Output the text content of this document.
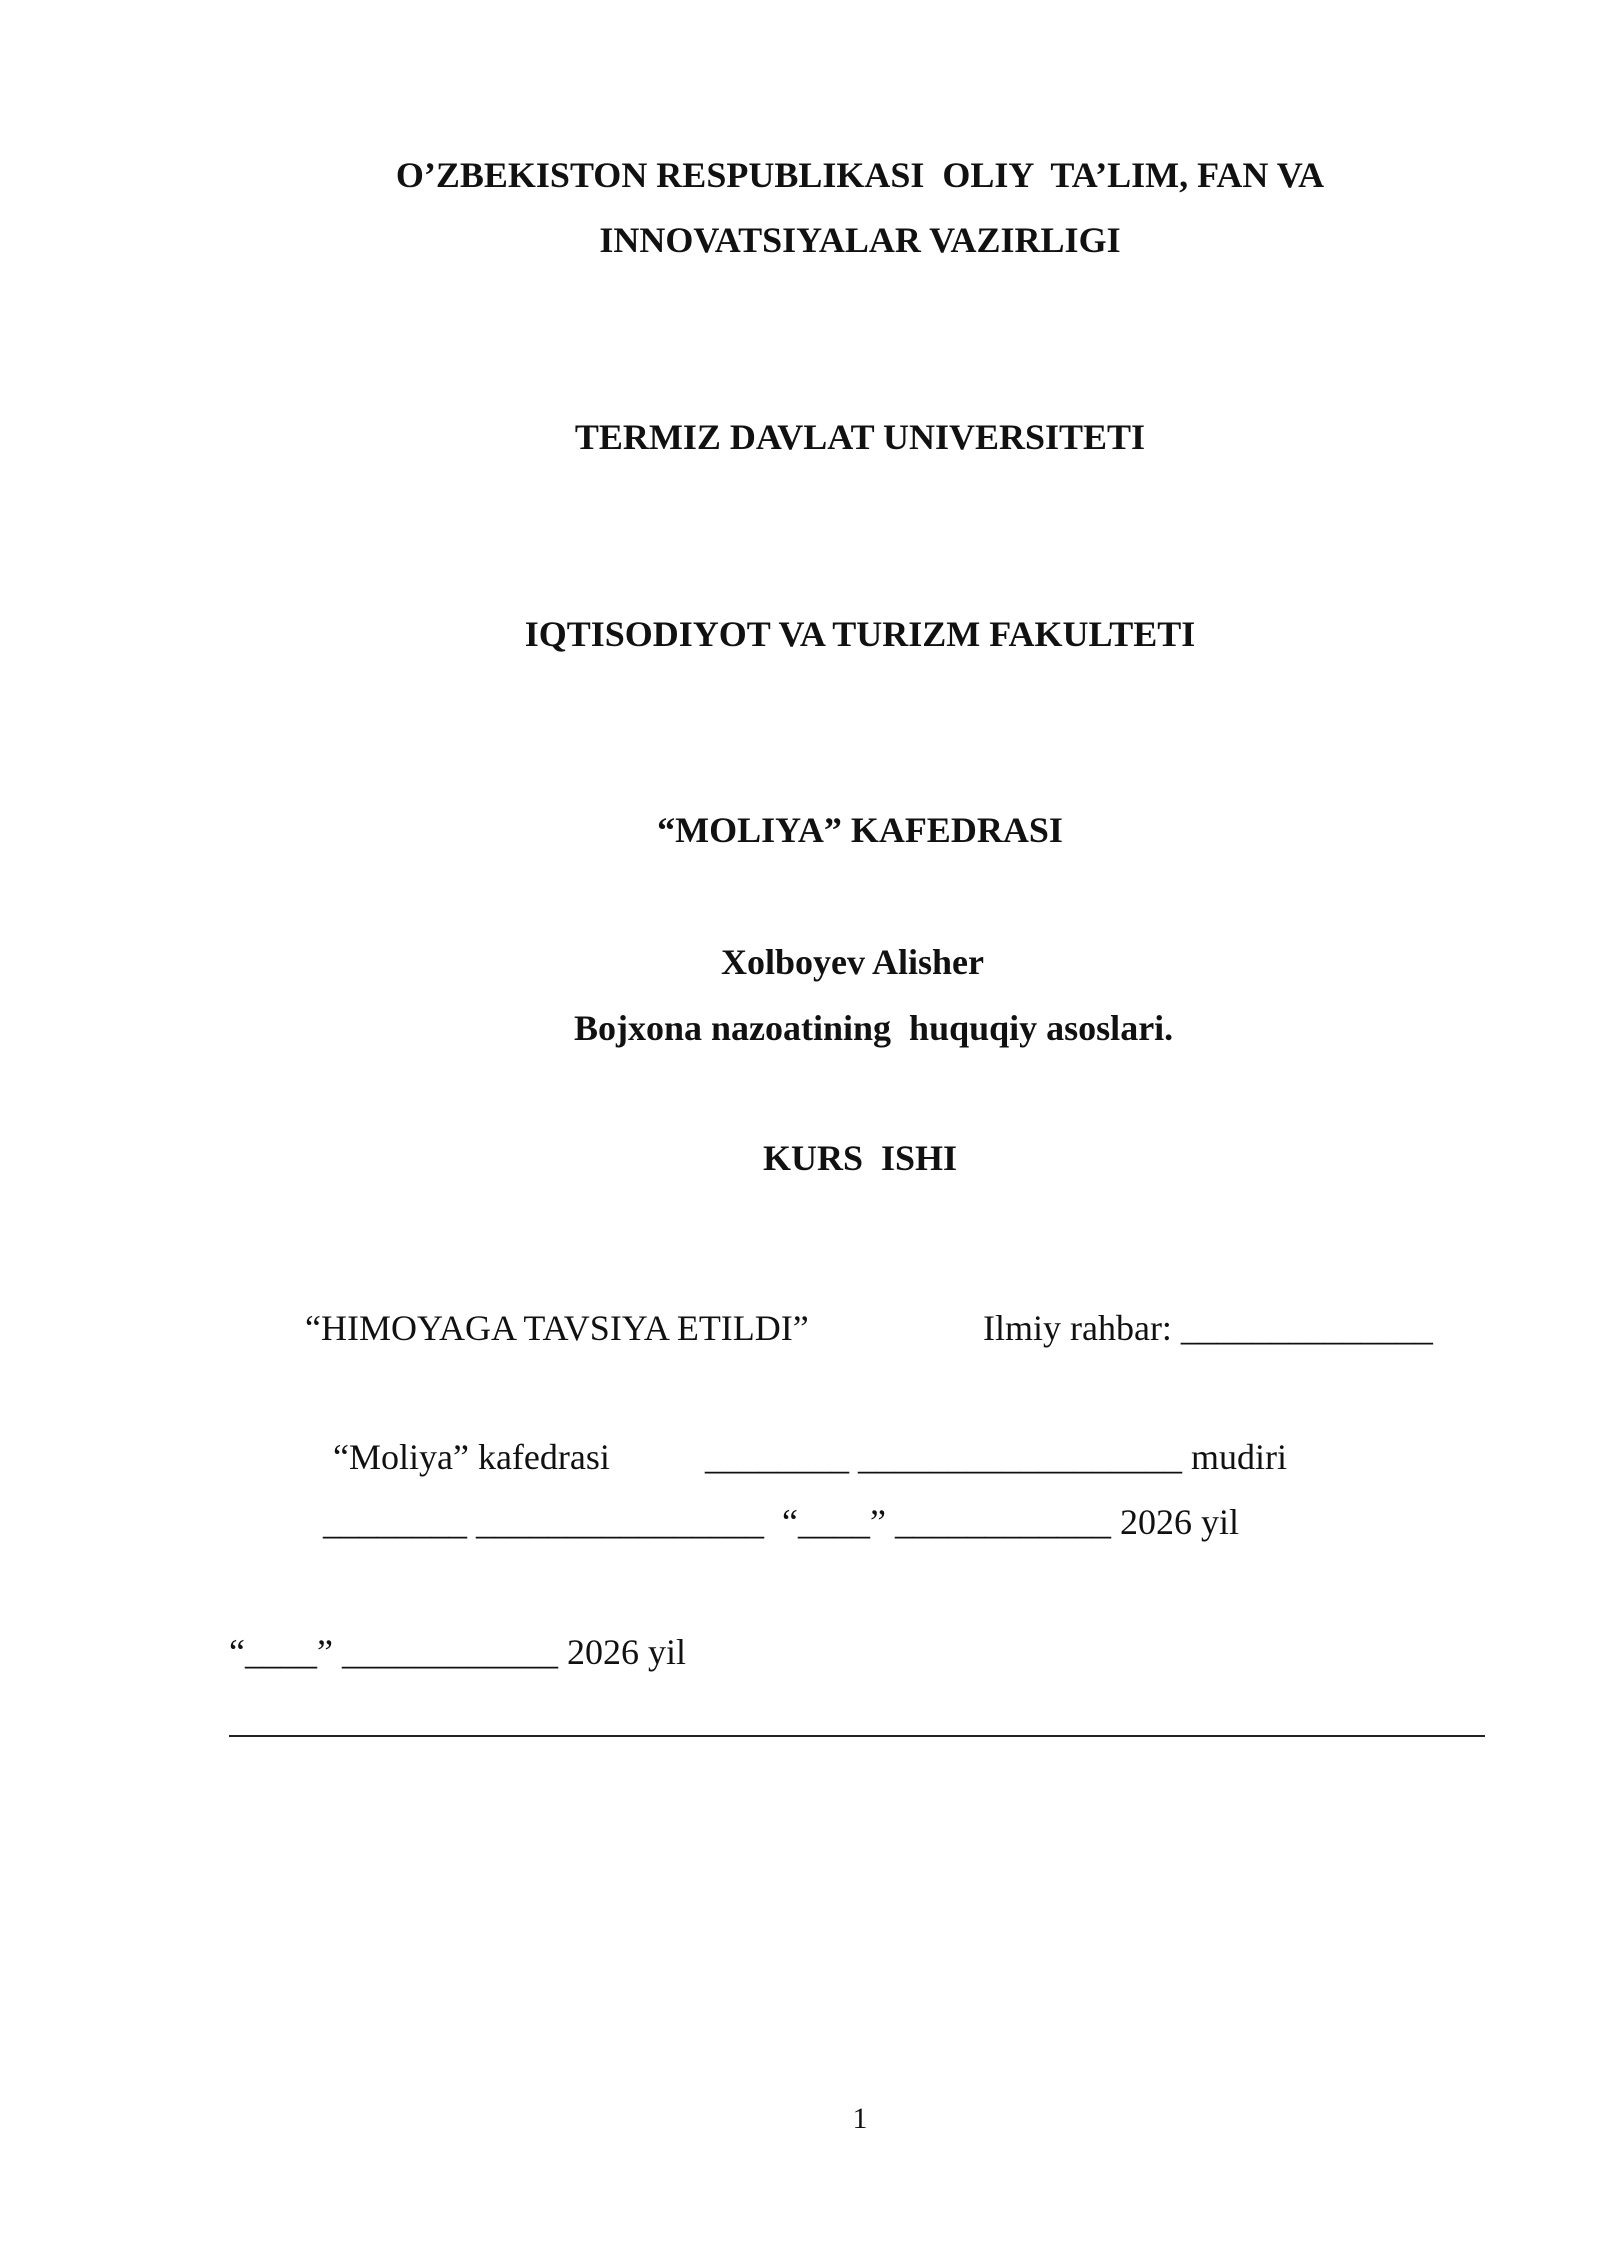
O’ZBEKISTON RESPUBLIKASI  OLIY  TA’LIM, FAN VA
INNOVATSIYALAR VAZIRLIGI
TERMIZ DAVLAT UNIVERSITETI
IQTISODIYOT VA TURIZM FAKULTETI
“MOLIYA” KAFEDRASI
Xolboyev Alisher
Bojxona nazoatining  huquqiy asoslari.
KURS  ISHI
“HIMOYAGA TAVSIYA ETILDI”	Ilmiy rahbar: ______________
“Moliya” kafedrasi	________ __________________ mudiri
________ ________________  “____” ____________ 2026 yil
“____” ____________ 2026 yil
1
